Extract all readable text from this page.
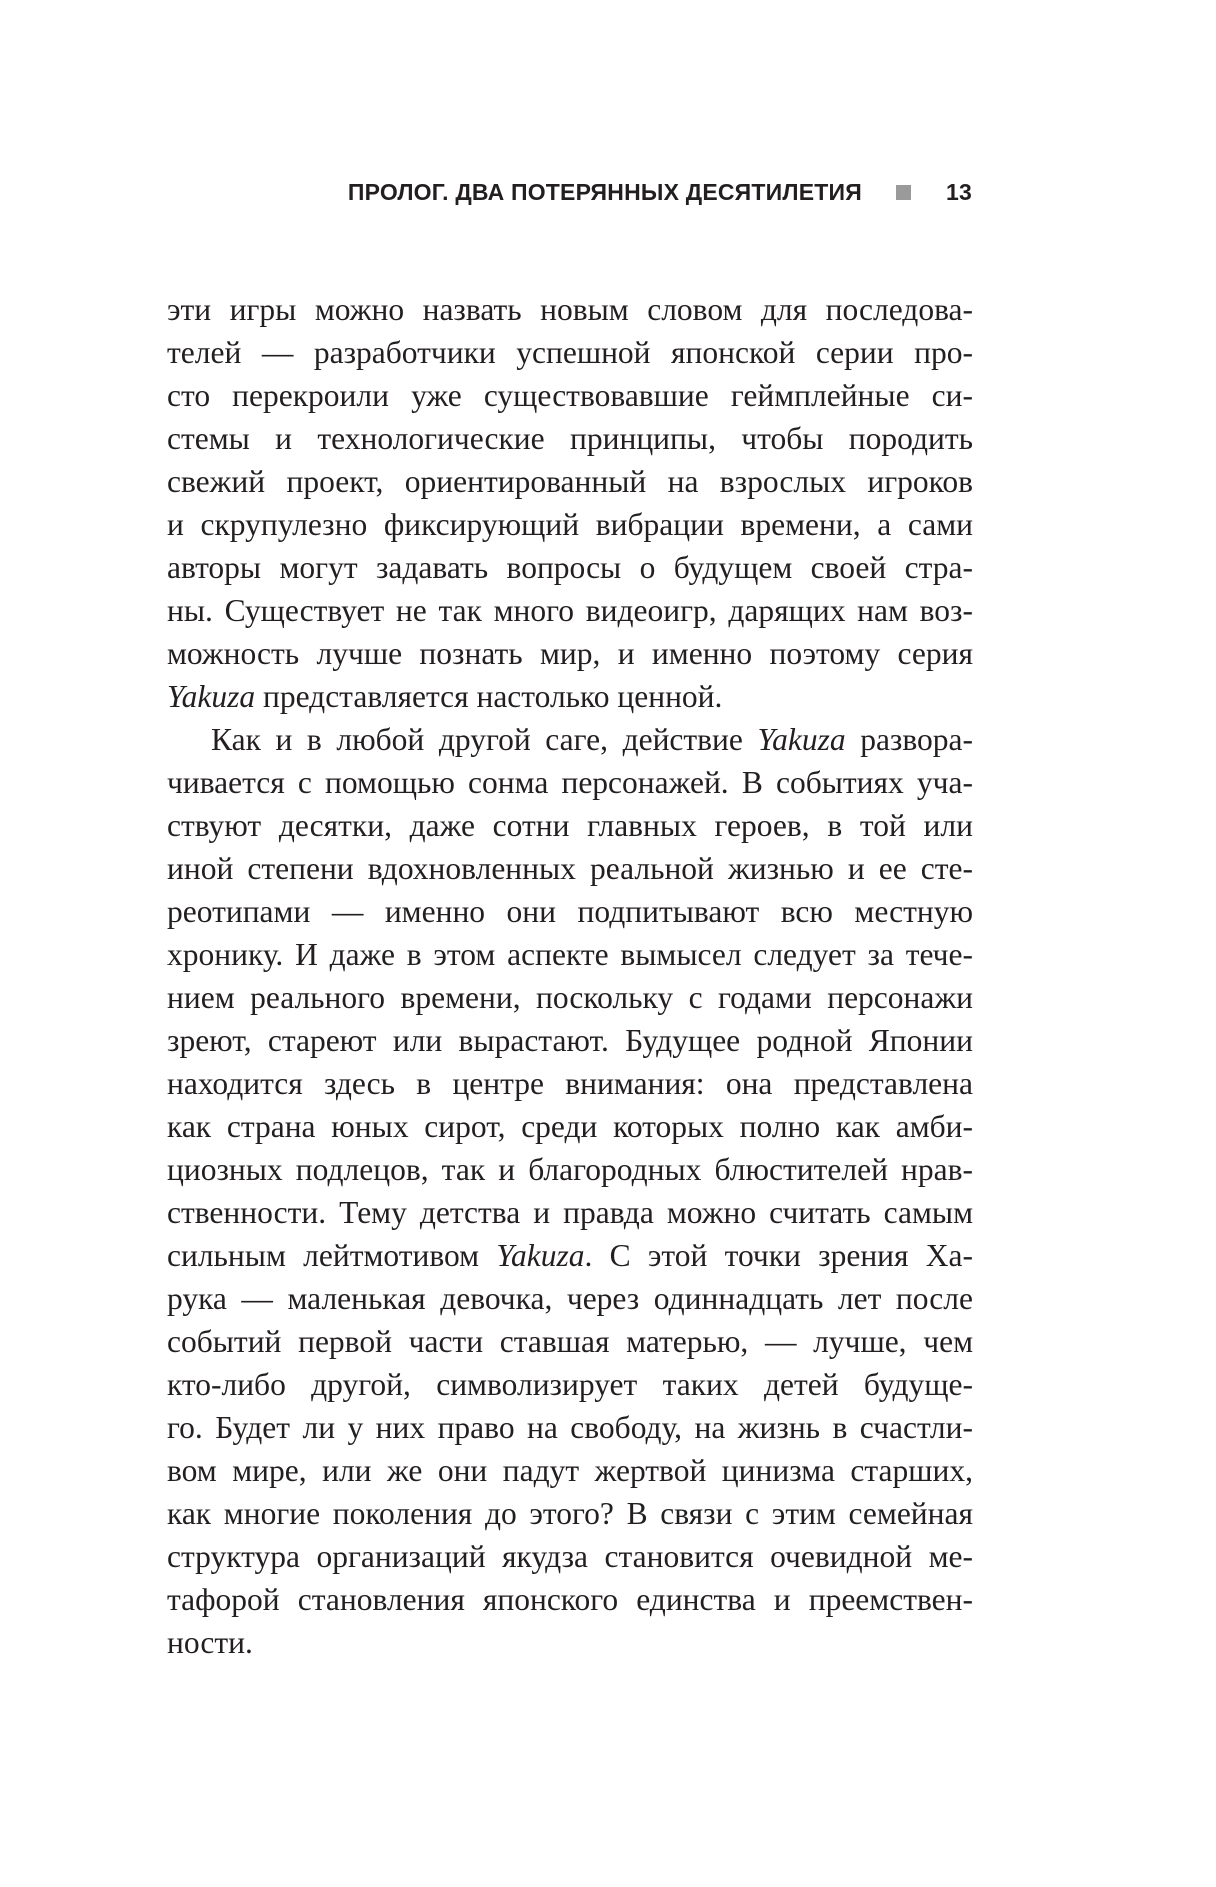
ПРОЛОГ. ДВА ПОТЕРЯННЫХ ДЕСЯТИЛЕТИЯ	13
эти игры можно назвать новым словом для последова-
телей — разработчики успешной японской серии про-
сто перекроили уже существовавшие геймплейные си-
стемы и технологические принципы, чтобы породить
свежий проект, ориентированный на взрослых игроков
и скрупулезно фиксирующий вибрации времени, а сами
авторы могут задавать вопросы о будущем своей стра-
ны. Существует не так много видеоигр, дарящих нам воз-
можность лучше познать мир, и именно поэтому серия
Yakuza представляется настолько ценной.
Как и в любой другой саге, действие Yakuza развора-
чивается с помощью сонма персонажей. В событиях уча-
ствуют десятки, даже сотни главных героев, в той или
иной степени вдохновленных реальной жизнью и ее сте-
реотипами — именно они подпитывают всю местную
хронику. И даже в этом аспекте вымысел следует за тече-
нием реального времени, поскольку с годами персонажи
зреют, стареют или вырастают. Будущее родной Японии
находится здесь в центре внимания: она представлена
как страна юных сирот, среди которых полно как амби-
циозных подлецов, так и благородных блюстителей нрав-
ственности. Тему детства и правда можно считать самым
сильным лейтмотивом Yakuza. С этой точки зрения Ха-
рука — маленькая девочка, через одиннадцать лет после
событий первой части ставшая матерью, — лучше, чем
кто-либо другой, символизирует таких детей будуще-
го. Будет ли у них право на свободу, на жизнь в счастли-
вом мире, или же они падут жертвой цинизма старших,
как многие поколения до этого? В связи с этим семейная
структура организаций якудза становится очевидной ме-
тафорой становления японского единства и преемствен-
ности.
